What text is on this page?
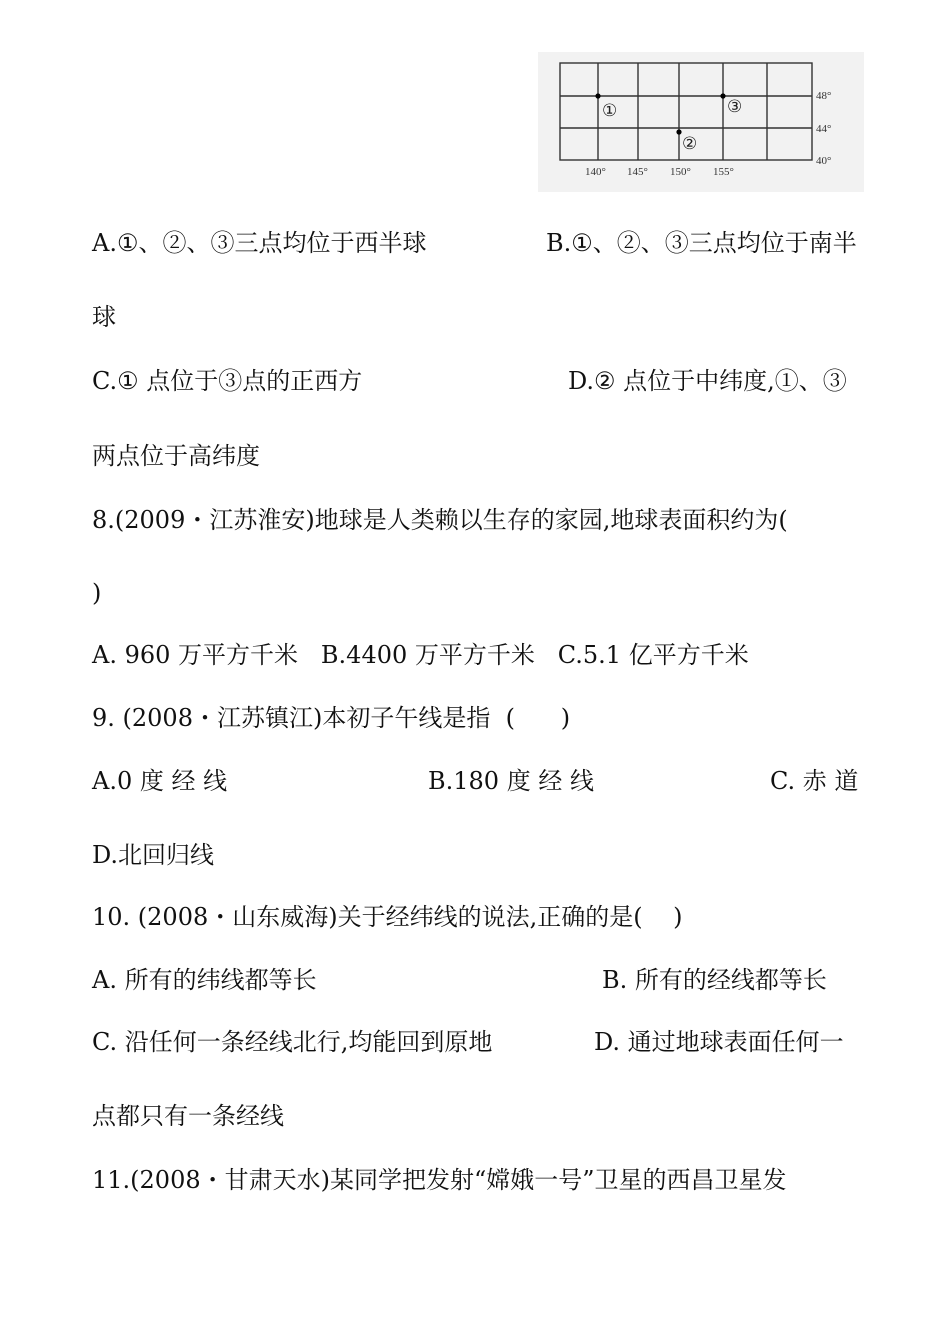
①
②
③
48°
44°
40°
140° 145° 150° 155°
A.①、②、③三点均位于西半球	B.①、②、③三点均位于南半
球
C.① 点位于③点的正西方	D.② 点位于中纬度,①、③
两点位于高纬度
8.(2009・江苏淮安)地球是人类赖以生存的家园,地球表面积约为(
)
A. 960 万平方千米   B.4400 万平方千米   C.5.1 亿平方千米
9. (2008・江苏镇江)本初子午线是指  (      )
A.0 度 经 线	B.180 度 经 线	C. 赤 道
D.北回归线
10. (2008・山东威海)关于经纬线的说法,正确的是(    )
A. 所有的纬线都等长	B. 所有的经线都等长
C. 沿任何一条经线北行,均能回到原地	D. 通过地球表面任何一
点都只有一条经线
11.(2008・甘肃天水)某同学把发射“嫦娥一号”卫星的西昌卫星发
